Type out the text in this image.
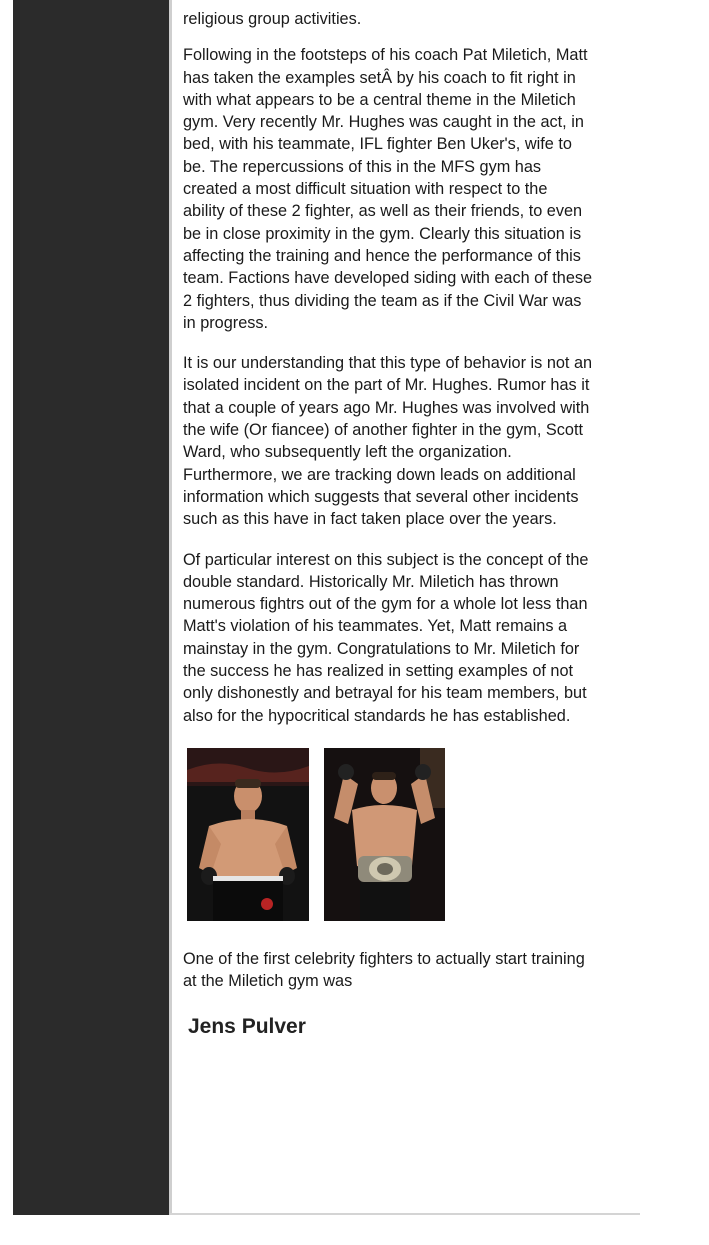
religious group activities.

Following in the footsteps of his coach Pat Miletich, Matt has taken the examples setÂ by his coach to fit right in with what appears to be a central theme in the Miletich gym. Very recently Mr. Hughes was caught in the act, in bed, with his teammate, IFL fighter Ben Uker's, wife to be. The repercussions of this in the MFS gym has created a most difficult situation with respect to the ability of these 2 fighter, as well as their friends, to even be in close proximity in the gym. Clearly this situation is affecting the training and hence the performance of this team. Factions have developed siding with each of these 2 fighters, thus dividing the team as if the Civil War was in progress.

It is our understanding that this type of behavior is not an isolated incident on the part of Mr. Hughes. Rumor has it that a couple of years ago Mr. Hughes was involved with the wife (Or fiancee) of another fighter in the gym, Scott Ward, who subsequently left the organization. Furthermore, we are tracking down leads on additional information which suggests that several other incidents such as this have in fact taken place over the years.

Of particular interest on this subject is the concept of the double standard. Historically Mr. Miletich has thrown numerous fightrs out of the gym for a whole lot less than Matt's violation of his teammates. Yet, Matt remains a mainstay in the gym. Congratulations to Mr. Miletich for the success he has realized in setting examples of not only dishonestly and betrayal for his team members, but also for the hypocritical standards he has established.

One of the first celebrity fighters to actually start training at the Miletich gym was

Jens Pulver
